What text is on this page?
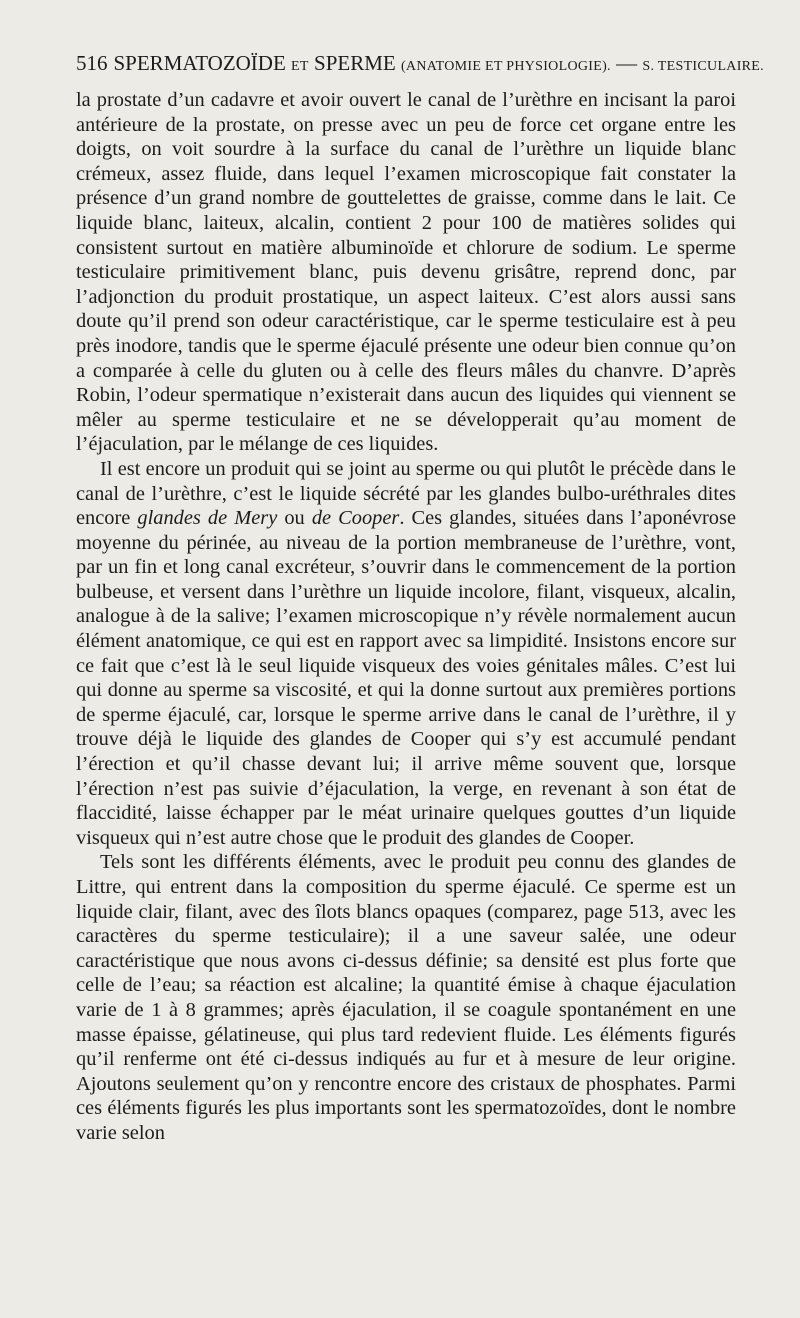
516 SPERMATOZOÏDE
ET
SPERME
(ANATOMIE ET PHYSIOLOGIE).
—
S. TESTICULAIRE.

la prostate d’un cadavre et avoir ouvert le canal de l’urèthre en incisant la paroi antérieure de la prostate, on presse avec un peu de force cet organe entre les doigts, on voit sourdre à la surface du canal de l’urèthre un liquide blanc crémeux, assez fluide, dans lequel l’examen microscopique fait constater la présence d’un grand nombre de gouttelettes de graisse, comme dans le lait. Ce liquide blanc, laiteux, alcalin, contient 2 pour 100 de matières solides qui consistent surtout en matière albuminoïde et chlorure de sodium. Le sperme testiculaire primitivement blanc, puis devenu grisâtre, reprend donc, par l’adjonction du produit prostatique, un aspect laiteux. C’est alors aussi sans doute qu’il prend son odeur caractéristique, car le sperme testiculaire est à peu près inodore, tandis que le sperme éjaculé présente une odeur bien connue qu’on a comparée à celle du gluten ou à celle des fleurs mâles du chanvre. D’après Robin, l’odeur spermatique n’existerait dans aucun des liquides qui viennent se mêler au sperme testiculaire et ne se développerait qu’au moment de l’éjaculation, par le mélange de ces liquides.

Il est encore un produit qui se joint au sperme ou qui plutôt le précède dans le canal de l’urèthre, c’est le liquide sécrété par les glandes bulbo-uréthrales dites encore glandes de Mery ou de Cooper. Ces glandes, situées dans l’aponévrose moyenne du périnée, au niveau de la portion membraneuse de l’urèthre, vont, par un fin et long canal excréteur, s’ouvrir dans le commencement de la portion bulbeuse, et versent dans l’urèthre un liquide incolore, filant, visqueux, alcalin, analogue à de la salive; l’examen microscopique n’y révèle normalement aucun élément anatomique, ce qui est en rapport avec sa limpidité. Insistons encore sur ce fait que c’est là le seul liquide visqueux des voies génitales mâles. C’est lui qui donne au sperme sa viscosité, et qui la donne surtout aux premières portions de sperme éjaculé, car, lorsque le sperme arrive dans le canal de l’urèthre, il y trouve déjà le liquide des glandes de Cooper qui s’y est accumulé pendant l’érection et qu’il chasse devant lui; il arrive même souvent que, lorsque l’érection n’est pas suivie d’éjaculation, la verge, en revenant à son état de flaccidité, laisse échapper par le méat urinaire quelques gouttes d’un liquide visqueux qui n’est autre chose que le produit des glandes de Cooper.

Tels sont les différents éléments, avec le produit peu connu des glandes de Littre, qui entrent dans la composition du sperme éjaculé. Ce sperme est un liquide clair, filant, avec des îlots blancs opaques (comparez, page 513, avec les caractères du sperme testiculaire); il a une saveur salée, une odeur caractéristique que nous avons ci-dessus définie; sa densité est plus forte que celle de l’eau; sa réaction est alcaline; la quantité émise à chaque éjaculation varie de 1 à 8 grammes; après éjaculation, il se coagule spontanément en une masse épaisse, gélatineuse, qui plus tard redevient fluide. Les éléments figurés qu’il renferme ont été ci-dessus indiqués au fur et à mesure de leur origine. Ajoutons seulement qu’on y rencontre encore des cristaux de phosphates. Parmi ces éléments figurés les plus importants sont les spermatozoïdes, dont le nombre varie selon
